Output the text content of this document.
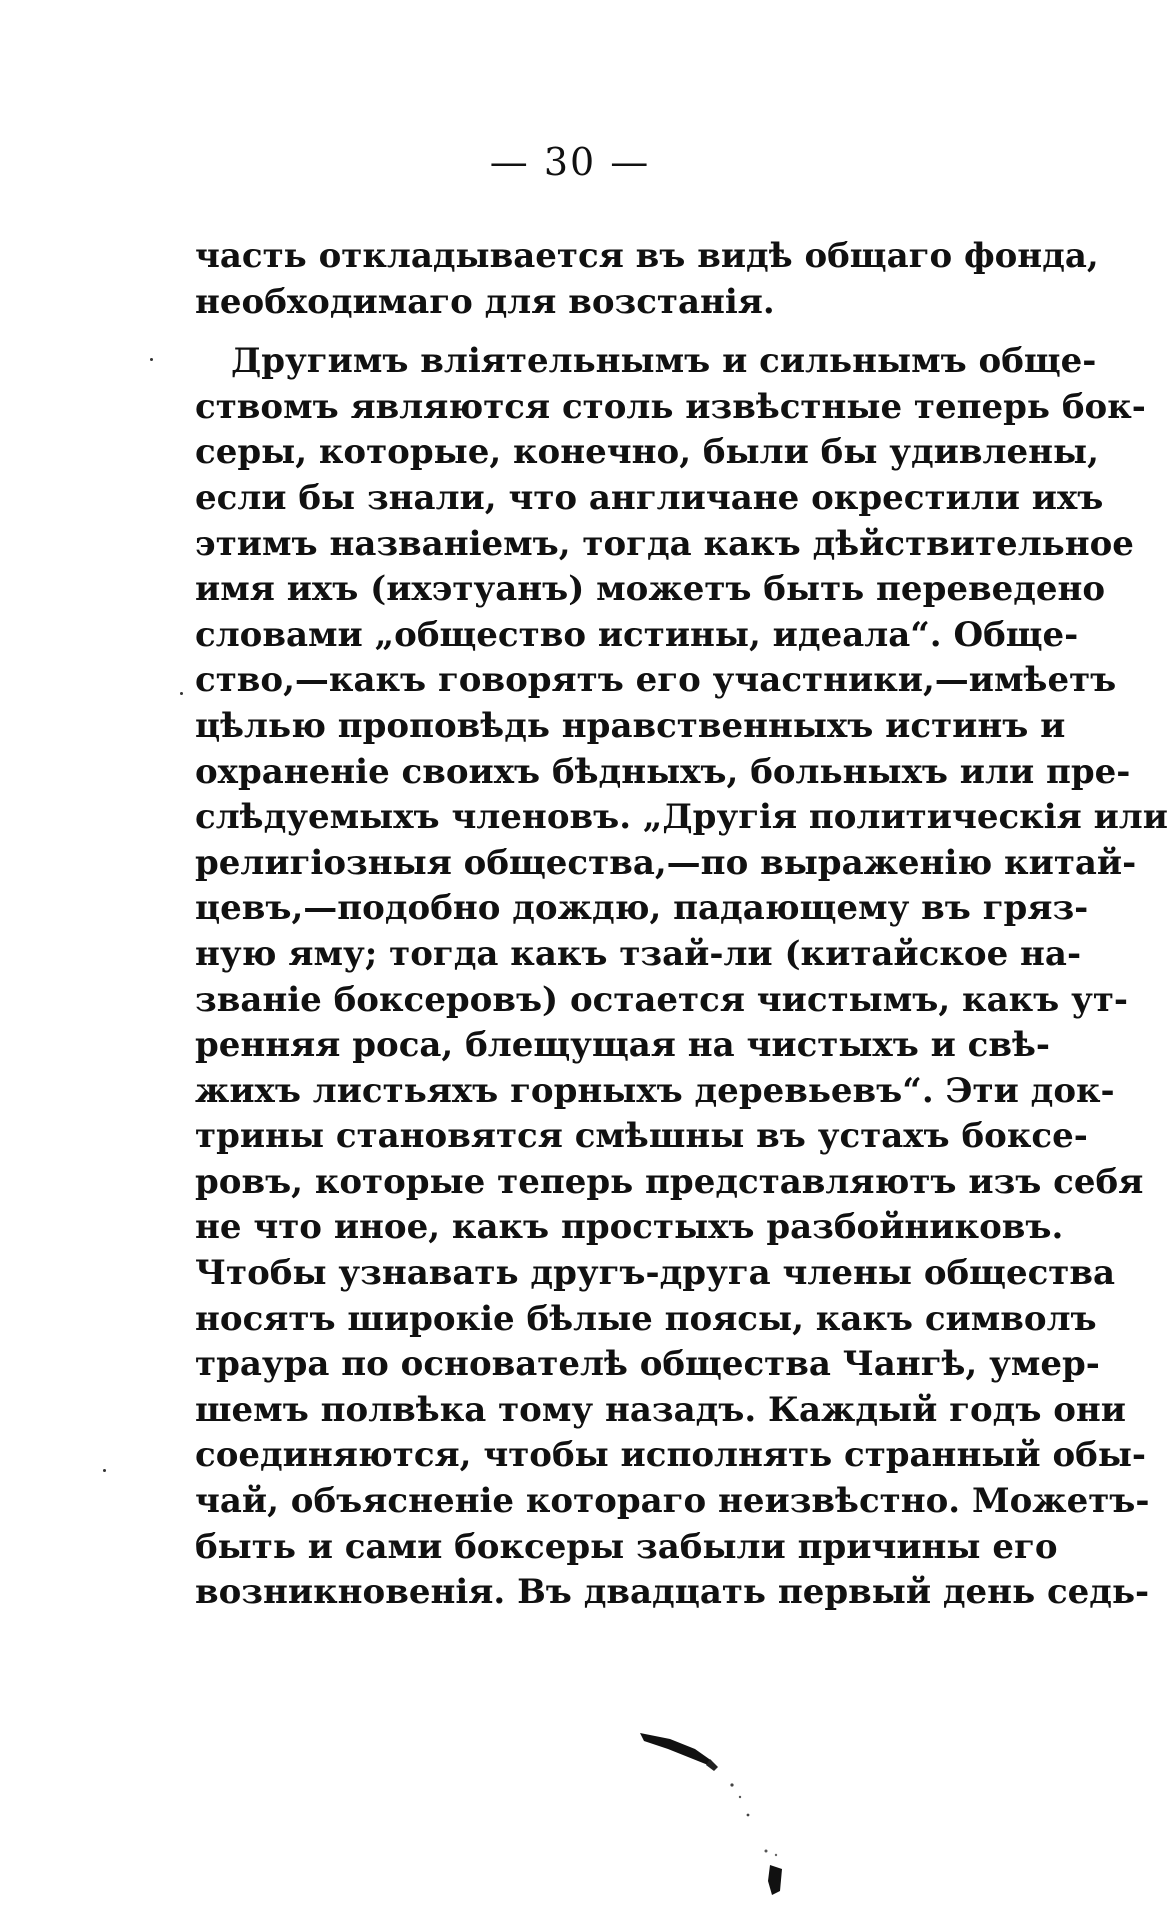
— 30 —
часть откладывается въ видѣ общаго фонда,
необходимаго для возстанія.
Другимъ вліятельнымъ и сильнымъ обще-
ствомъ являются столь извѣстные теперь бок-
серы, которые, конечно, были бы удивлены,
если бы знали, что англичане окрестили ихъ
этимъ названіемъ, тогда какъ дѣйствительное
имя ихъ (ихэтуанъ) можетъ быть переведено
словами „общество истины, идеала“. Обще-
ство,—какъ говорятъ его участники,—имѣетъ
цѣлью проповѣдь нравственныхъ истинъ и
охраненіе своихъ бѣдныхъ, больныхъ или пре-
слѣдуемыхъ членовъ. „Другія политическія или
религіозныя общества,—по выраженію китай-
цевъ,—подобно дождю, падающему въ гряз-
ную яму; тогда какъ тзай-ли (китайское на-
званіе боксеровъ) остается чистымъ, какъ ут-
ренняя роса, блещущая на чистыхъ и свѣ-
жихъ листьяхъ горныхъ деревьевъ“. Эти док-
трины становятся смѣшны въ устахъ боксе-
ровъ, которые теперь представляютъ изъ себя
не что иное, какъ простыхъ разбойниковъ.
Чтобы узнавать другъ-друга члены общества
носятъ широкіе бѣлые поясы, какъ символъ
траура по основателѣ общества Чангѣ, умер-
шемъ полвѣка тому назадъ. Каждый годъ они
соединяются, чтобы исполнять странный обы-
чай, объясненіе котораго неизвѣстно. Можетъ-
быть и сами боксеры забыли причины его
возникновенія. Въ двадцать первый день седь-
